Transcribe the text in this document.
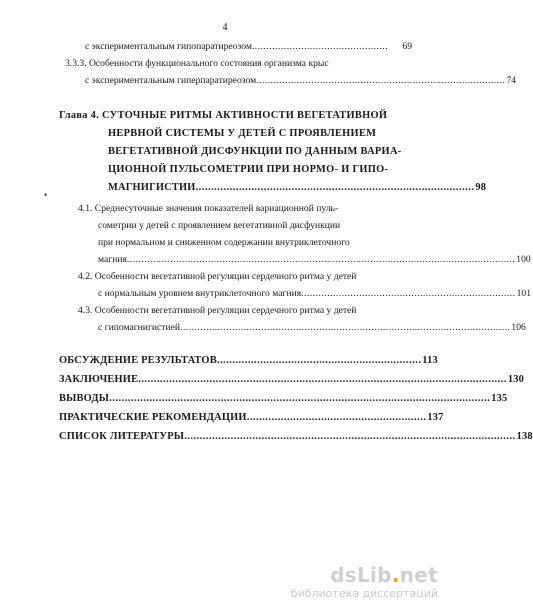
4
с экспериментальным гипопаратиреозом ...............................................	69
3.3.3. Особенности функционального состояния организма крыс
с экспериментальным гиперпаратиреозом ...................................................................................... 74
Глава 4. СУТОЧНЫЕ РИТМЫ АКТИВНОСТИ ВЕГЕТАТИВНОЙ
НЕРВНОЙ СИСТЕМЫ У ДЕТЕЙ С ПРОЯВЛЕНИЕМ
ВЕГЕТАТИВНОЙ ДИСФУНКЦИИ ПО ДАННЫМ ВАРИА-
ЦИОННОЙ ПУЛЬСОМЕТРИИ ПРИ НОРМО- И ГИПО-
МАГНИГИСТИИ .......................................................................................... 98
•
4.1. Среднесуточные значения показателей вариационной пуль-
сометрии у детей с проявлением вегетативной дисфункции
при нормальном и сниженном содержании внутриклеточного
магния ...................................................................................................................................... 100
4.2. Особенности вегетативной регуляции сердечного ритма у детей
с нормальным уровнем внутриклеточного магния .......................................................................... 101
4.3. Особенности вегетативной регуляции сердечного ритма у детей
с гипомагнигистией .................................................................................................................. 106
ОБСУЖДЕНИЕ РЕЗУЛЬТАТОВ .................................................................. 113
ЗАКЛЮЧЕНИЕ ....................................................................................................................... 130
ВЫВОДЫ ........................................................................................................................... 135
ПРАКТИЧЕСКИЕ РЕКОМЕНДАЦИИ .......................................................... 137
СПИСОК ЛИТЕРАТУРЫ ........................................................................................................... 138
dsLib.net
библиотека диссертаций
